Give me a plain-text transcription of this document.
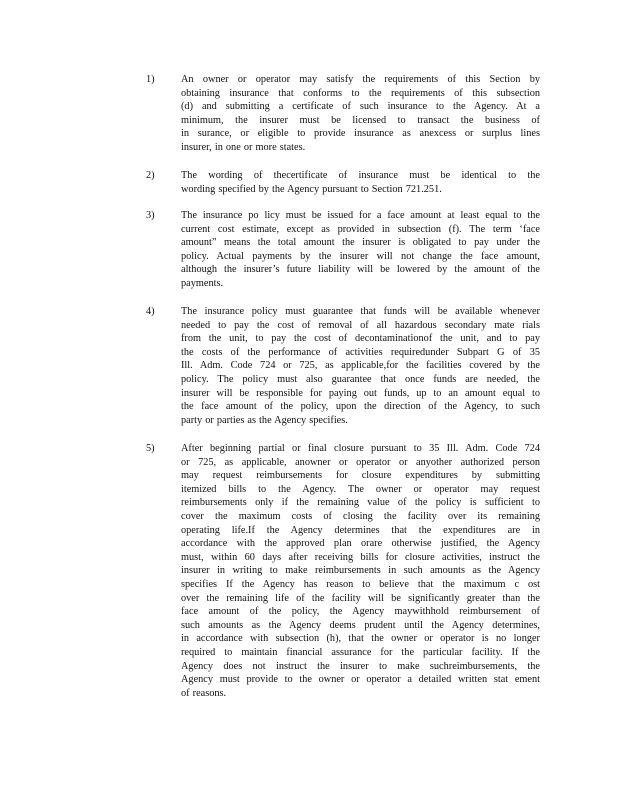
1)	An owner or operator may satisfy the requirements of this Section by
obtaining insurance that conforms to the requirements of this subsection
(d) and submitting a certificate of such insurance to the Agency. At a
minimum, the insurer must be licensed to transact the business of
in surance, or eligible to provide insurance as anexcess or surplus lines
insurer, in one or more states.
2)	The wording of thecertificate of insurance must be identical to the
wording specified by the Agency pursuant to Section 721.251.
3)	The insurance po licy must be issued for a face amount at least equal to the
current cost estimate, except as provided in subsection (f). The term ‘face
amount” means the total amount the insurer is obligated to pay under the
policy. Actual payments by the insurer will not change the face amount,
although the insurer’s future liability will be lowered by the amount of the
payments.
4)	The insurance policy must guarantee that funds will be available whenever
needed to pay the cost of removal of all hazardous secondary mate rials
from the unit, to pay the cost of decontaminationof the unit, and to pay
the costs of the performance of activities requiredunder Subpart G of 35
Ill. Adm. Code 724 or 725, as applicable,for the facilities covered by the
policy. The policy must also guarantee that once funds are needed, the
insurer will be responsible for paying out funds, up to an amount equal to
the face amount of the policy, upon the direction of the Agency, to such
party or parties as the Agency specifies.
5)	After beginning partial or final closure pursuant to 35 Ill. Adm. Code 724
or 725, as applicable, anowner or operator or anyother authorized person
may request reimbursements for closure expenditures by submitting
itemized bills to the Agency. The owner or operator may request
reimbursements only if the remaining value of the policy is sufficient to
cover the maximum costs of closing the facility over its remaining
operating life.If the Agency determines that the expenditures are in
accordance with the approved plan orare otherwise justified, the Agency
must, within 60 days after receiving bills for closure activities, instruct the
insurer in writing to make reimbursements in such amounts as the Agency
specifies If the Agency has reason to believe that the maximum c ost
over the remaining life of the facility will be significantly greater than the
face amount of the policy, the Agency maywithhold reimbursement of
such amounts as the Agency deems prudent until the Agency determines,
in accordance with subsection (h), that the owner or operator is no longer
required to maintain financial assurance for the particular facility. If the
Agency does not instruct the insurer to make suchreimbursements, the
Agency must provide to the owner or operator a detailed written stat ement
of reasons.
